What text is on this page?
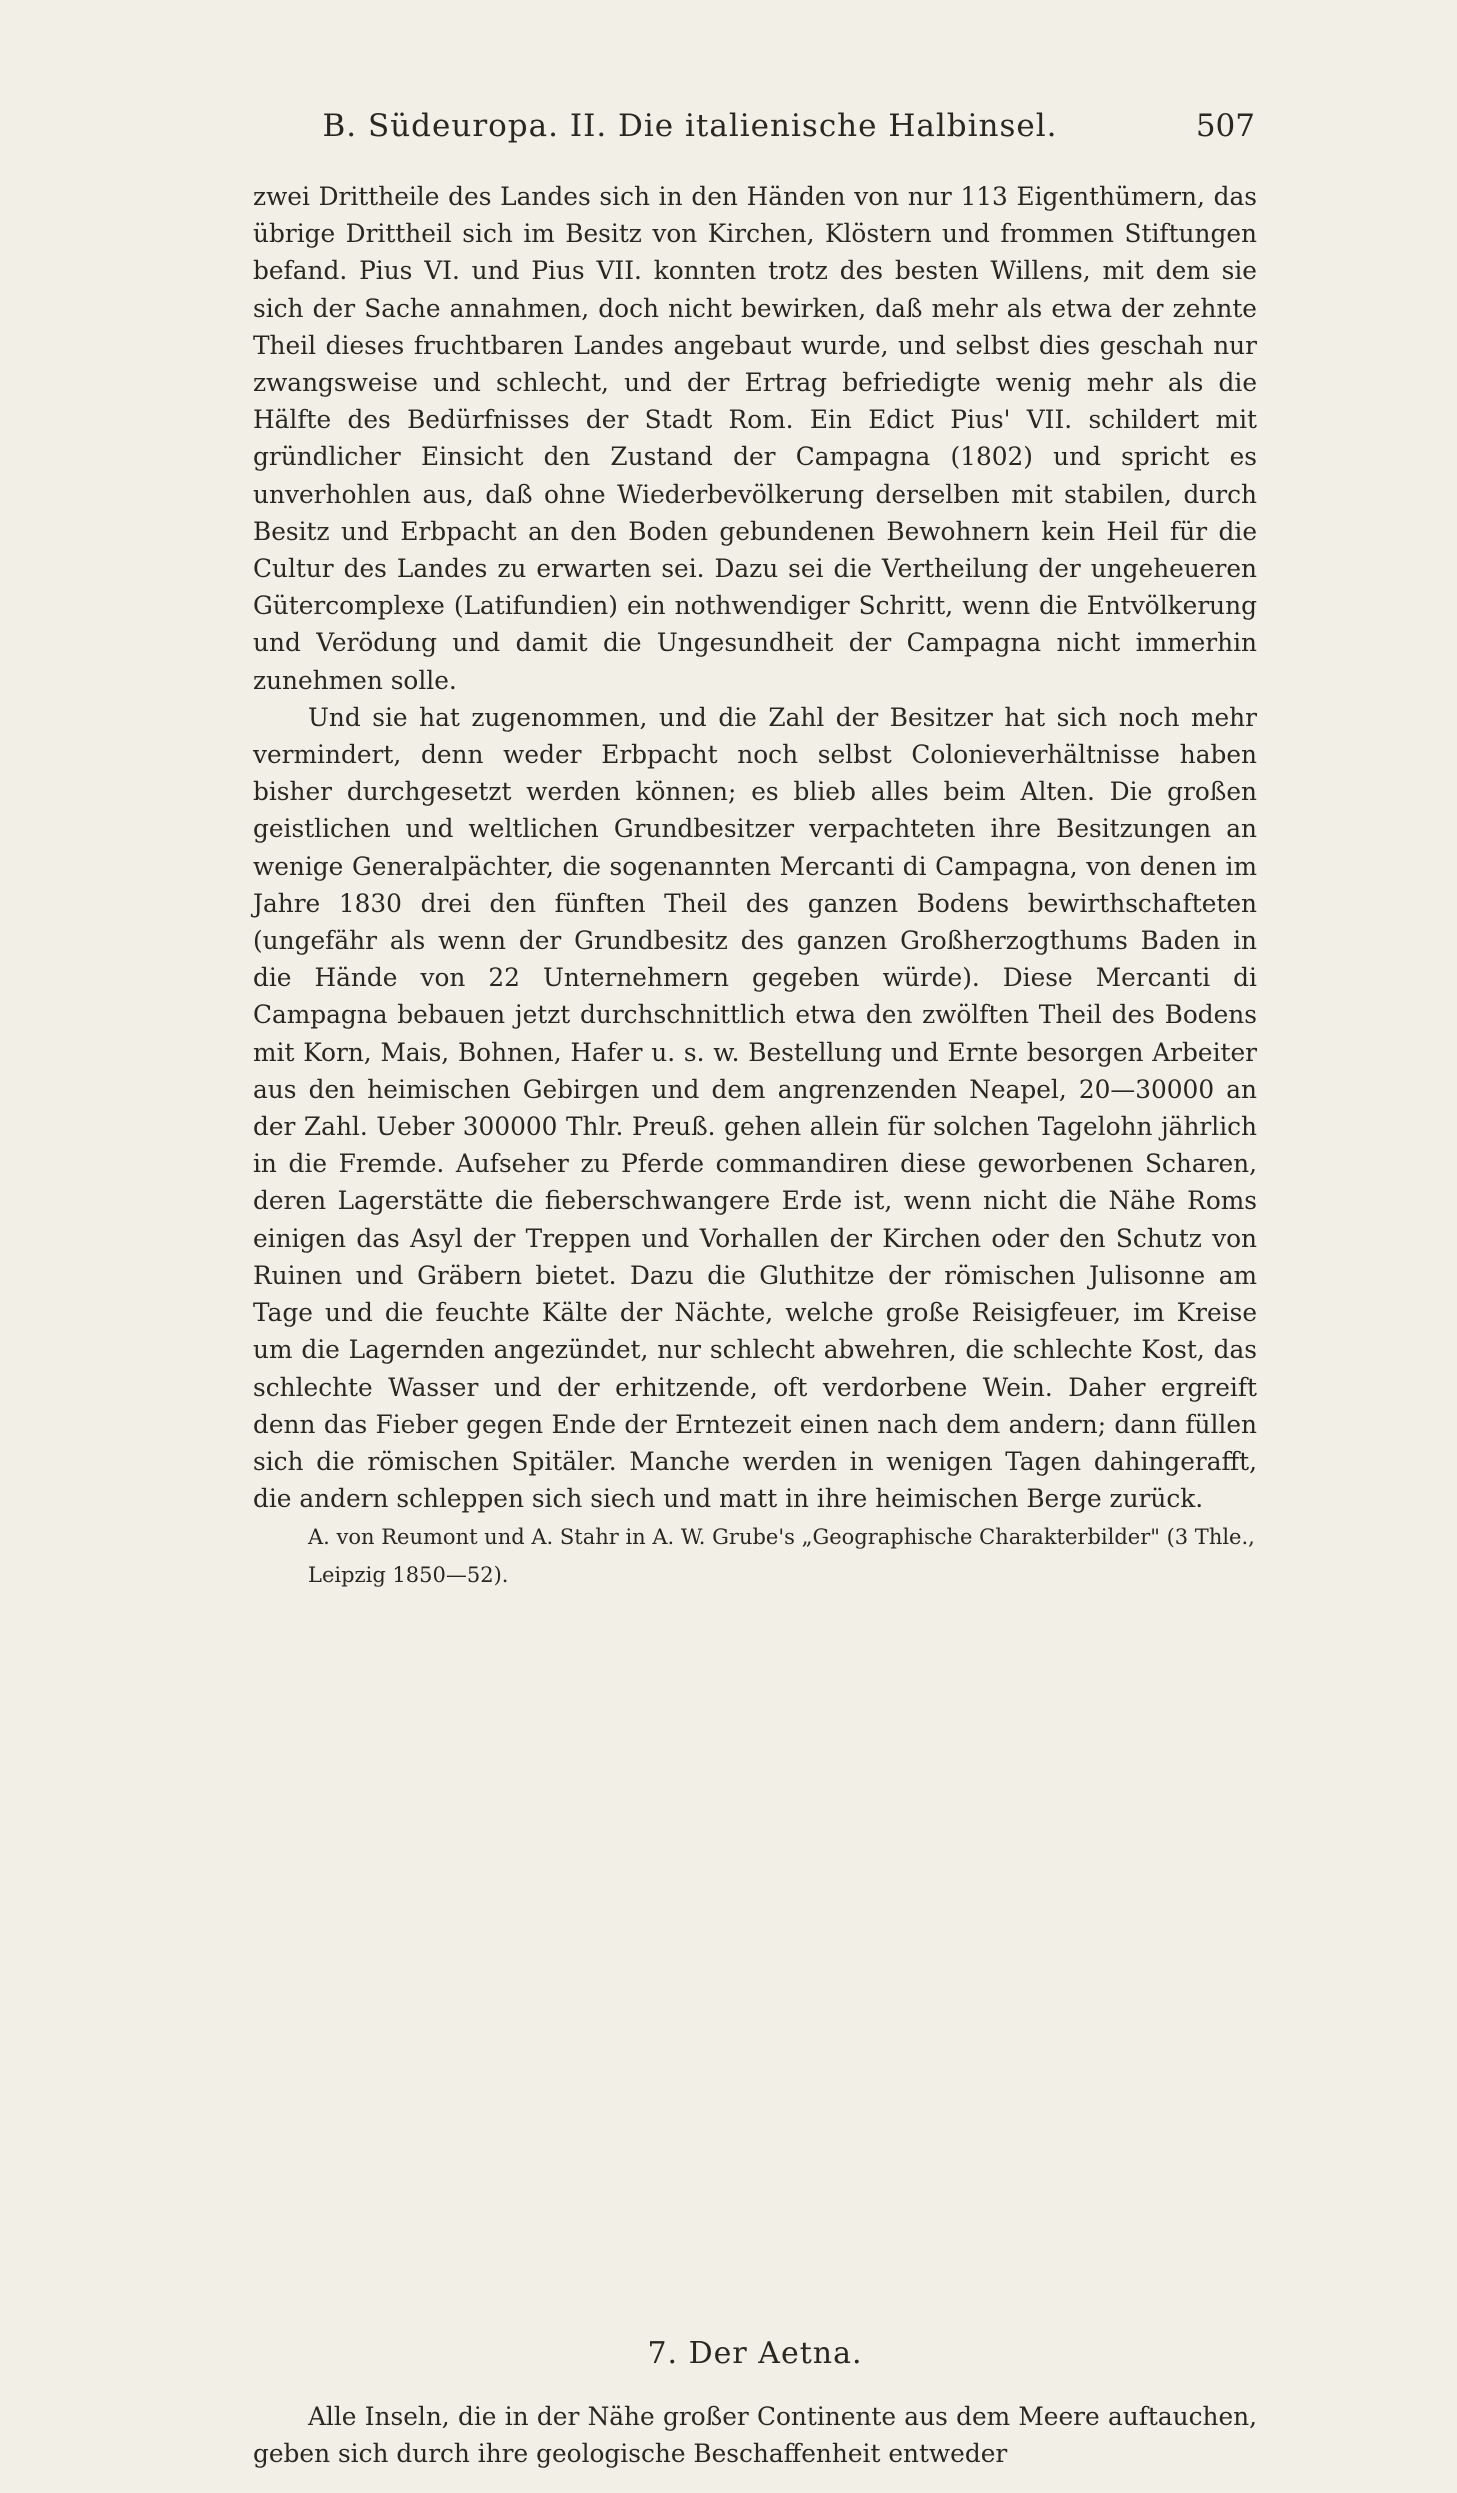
B. Südeuropa. II. Die italienische Halbinsel.	507

zwei Drittheile des Landes sich in den Händen von nur 113 Eigenthümern, das übrige Drittheil sich im Besitz von Kirchen, Klöstern und frommen Stiftungen befand. Pius VI. und Pius VII. konnten trotz des besten Willens, mit dem sie sich der Sache annahmen, doch nicht bewirken, daß mehr als etwa der zehnte Theil dieses fruchtbaren Landes angebaut wurde, und selbst dies geschah nur zwangsweise und schlecht, und der Ertrag befriedigte wenig mehr als die Hälfte des Bedürfnisses der Stadt Rom. Ein Edict Pius' VII. schildert mit gründlicher Einsicht den Zustand der Campagna (1802) und spricht es unverhohlen aus, daß ohne Wiederbevölkerung derselben mit stabilen, durch Besitz und Erbpacht an den Boden gebundenen Bewohnern kein Heil für die Cultur des Landes zu erwarten sei. Dazu sei die Vertheilung der ungeheueren Gütercomplexe (Latifundien) ein nothwendiger Schritt, wenn die Entvölkerung und Verödung und damit die Ungesundheit der Campagna nicht immerhin zunehmen solle.

Und sie hat zugenommen, und die Zahl der Besitzer hat sich noch mehr vermindert, denn weder Erbpacht noch selbst Colonieverhältnisse haben bisher durchgesetzt werden können; es blieb alles beim Alten. Die großen geistlichen und weltlichen Grundbesitzer verpachteten ihre Besitzungen an wenige Generalpächter, die sogenannten Mercanti di Campagna, von denen im Jahre 1830 drei den fünften Theil des ganzen Bodens bewirthschafteten (ungefähr als wenn der Grundbesitz des ganzen Großherzogthums Baden in die Hände von 22 Unternehmern gegeben würde). Diese Mercanti di Campagna bebauen jetzt durchschnittlich etwa den zwölften Theil des Bodens mit Korn, Mais, Bohnen, Hafer u. s. w. Bestellung und Ernte besorgen Arbeiter aus den heimischen Gebirgen und dem angrenzenden Neapel, 20—30000 an der Zahl. Ueber 300000 Thlr. Preuß. gehen allein für solchen Tagelohn jährlich in die Fremde. Aufseher zu Pferde commandiren diese geworbenen Scharen, deren Lagerstätte die fieberschwangere Erde ist, wenn nicht die Nähe Roms einigen das Asyl der Treppen und Vorhallen der Kirchen oder den Schutz von Ruinen und Gräbern bietet. Dazu die Gluthitze der römischen Julisonne am Tage und die feuchte Kälte der Nächte, welche große Reisigfeuer, im Kreise um die Lagernden angezündet, nur schlecht abwehren, die schlechte Kost, das schlechte Wasser und der erhitzende, oft verdorbene Wein. Daher ergreift denn das Fieber gegen Ende der Erntezeit einen nach dem andern; dann füllen sich die römischen Spitäler. Manche werden in wenigen Tagen dahingerafft, die andern schleppen sich siech und matt in ihre heimischen Berge zurück.

A. von Reumont und A. Stahr in A. W. Grube's „Geographische Charakterbilder" (3 Thle., Leipzig 1850—52).

7. Der Aetna.

Alle Inseln, die in der Nähe großer Continente aus dem Meere auftauchen, geben sich durch ihre geologische Beschaffenheit entweder
